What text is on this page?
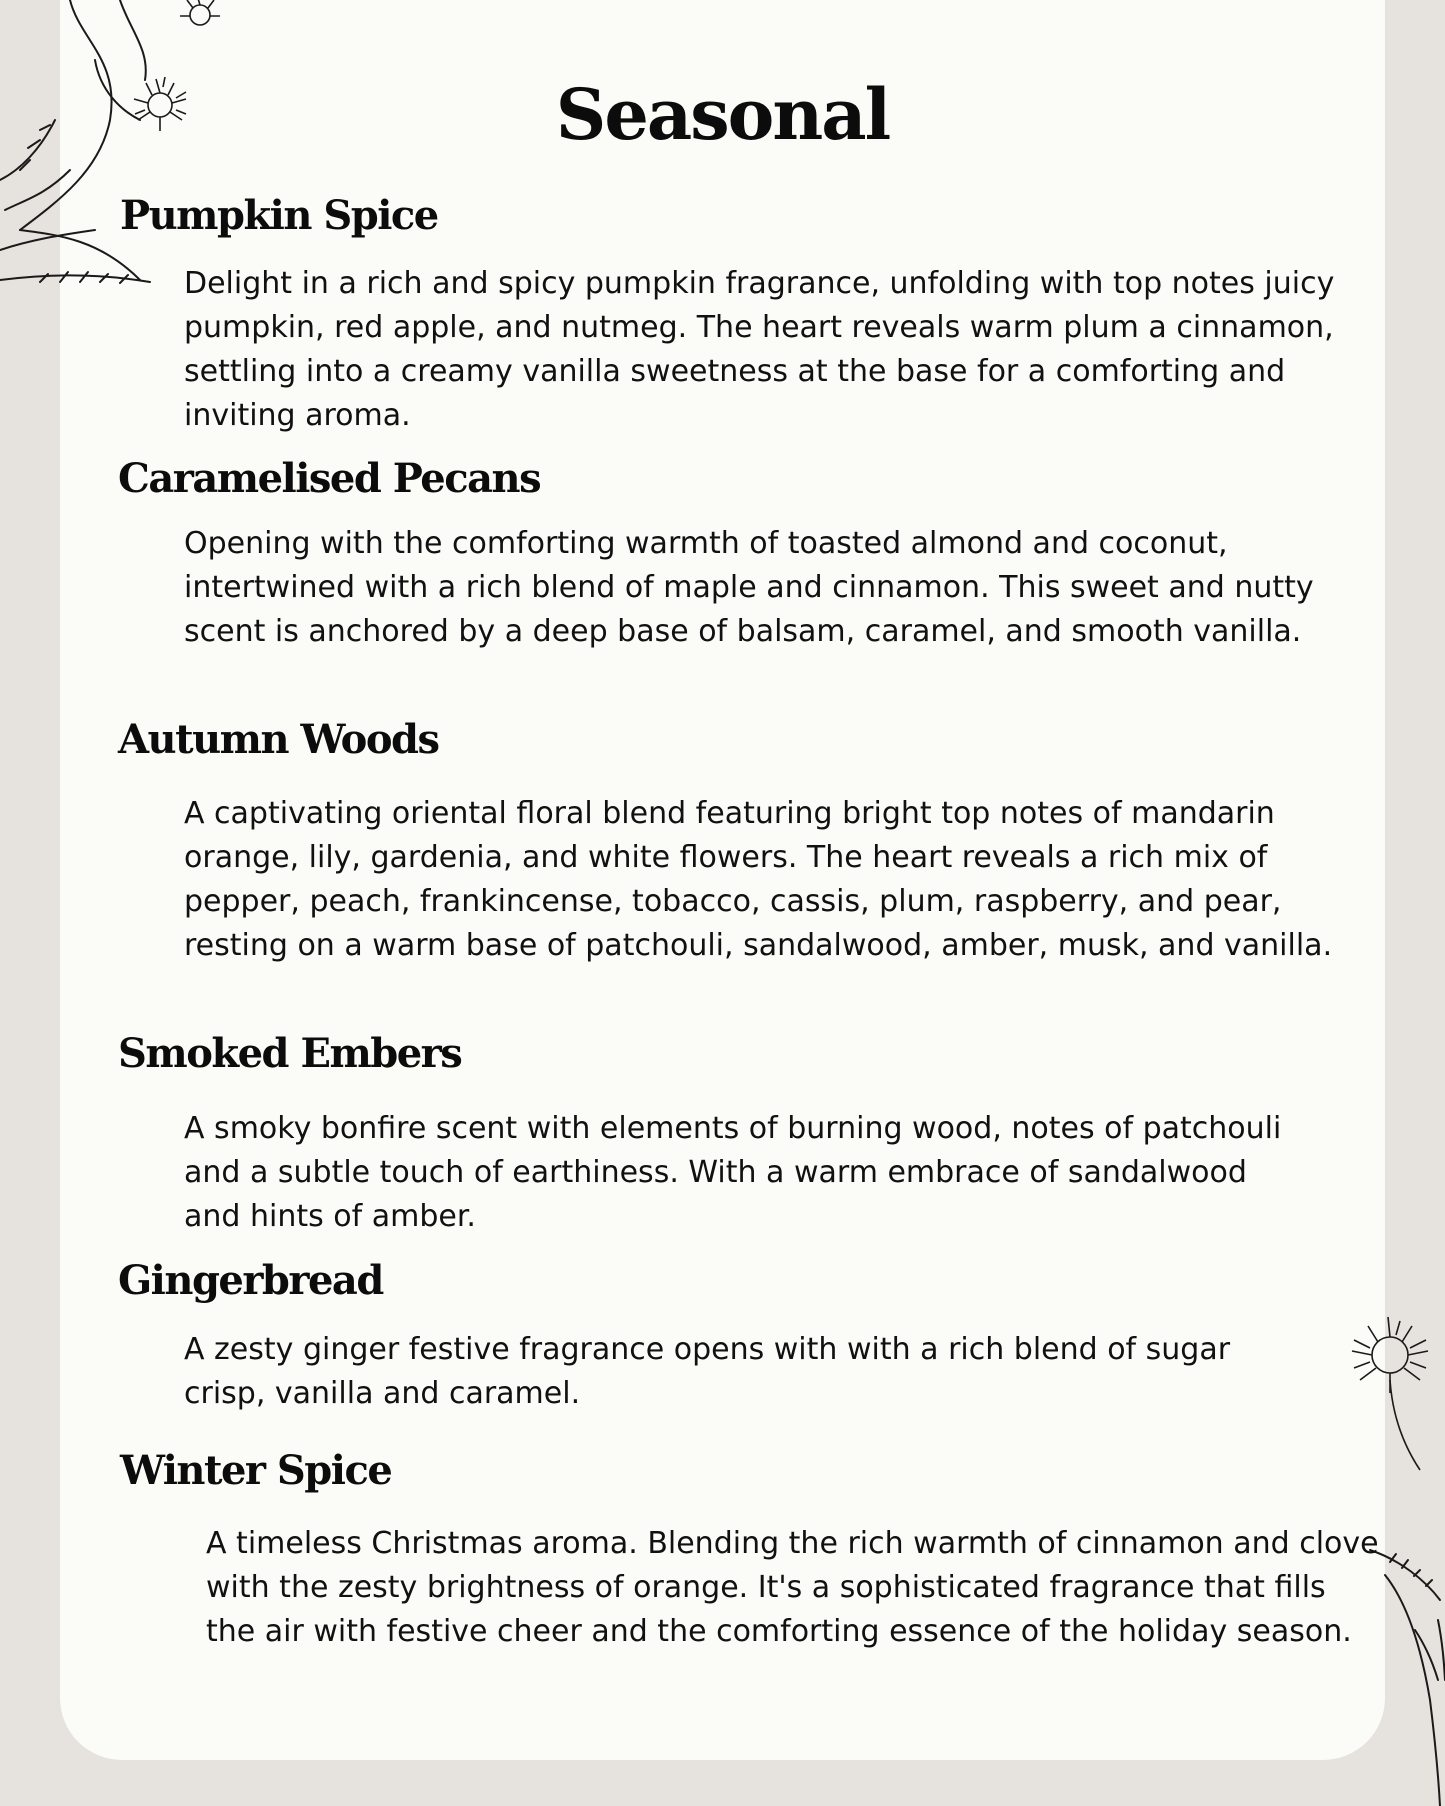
Seasonal
Pumpkin Spice

Delight in a rich and spicy pumpkin fragrance, unfolding with top notes juicy pumpkin, red apple, and nutmeg. The heart reveals warm plum a cinnamon, settling into a creamy vanilla sweetness at the base for a comforting and inviting aroma.

Caramelised Pecans

Opening with the comforting warmth of toasted almond and coconut, intertwined with a rich blend of maple and cinnamon. This sweet and nutty scent is anchored by a deep base of balsam, caramel, and smooth vanilla.

Autumn Woods

A captivating oriental floral blend featuring bright top notes of mandarin orange, lily, gardenia, and white flowers. The heart reveals a rich mix of pepper, peach, frankincense, tobacco, cassis, plum, raspberry, and pear, resting on a warm base of patchouli, sandalwood, amber, musk, and vanilla.

Smoked Embers

A smoky bonfire scent with elements of burning wood, notes of patchouli and a subtle touch of earthiness. With a warm embrace of sandalwood and hints of amber.

Gingerbread

A zesty ginger festive fragrance opens with with a rich blend of sugar crisp, vanilla and caramel.

Winter Spice

A timeless Christmas aroma. Blending the rich warmth of cinnamon and clove with the zesty brightness of orange. It's a sophisticated fragrance that fills the air with festive cheer and the comforting essence of the holiday season.
